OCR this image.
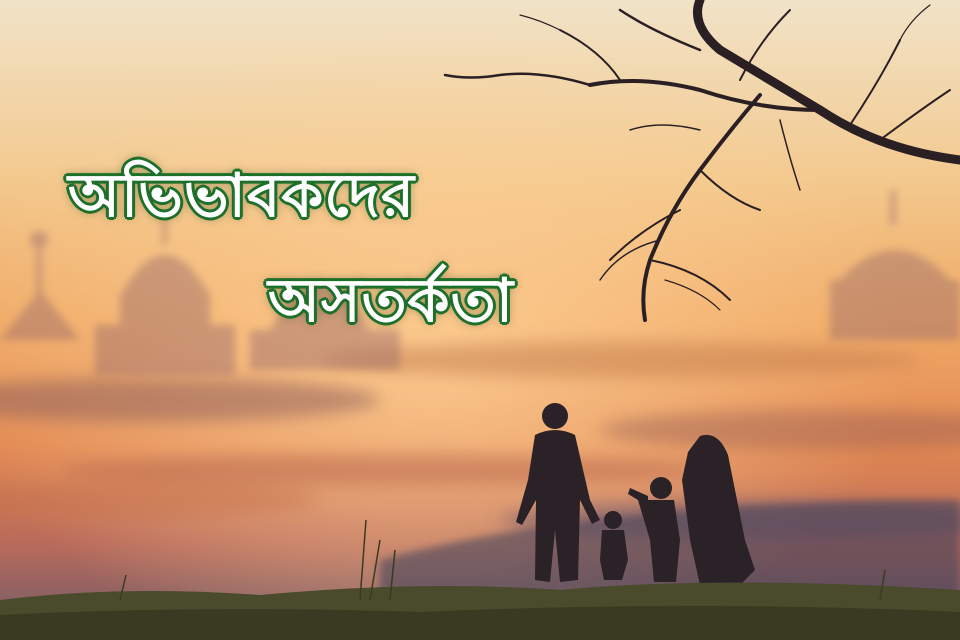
অভিভাবকদের
অসতর্কতা
